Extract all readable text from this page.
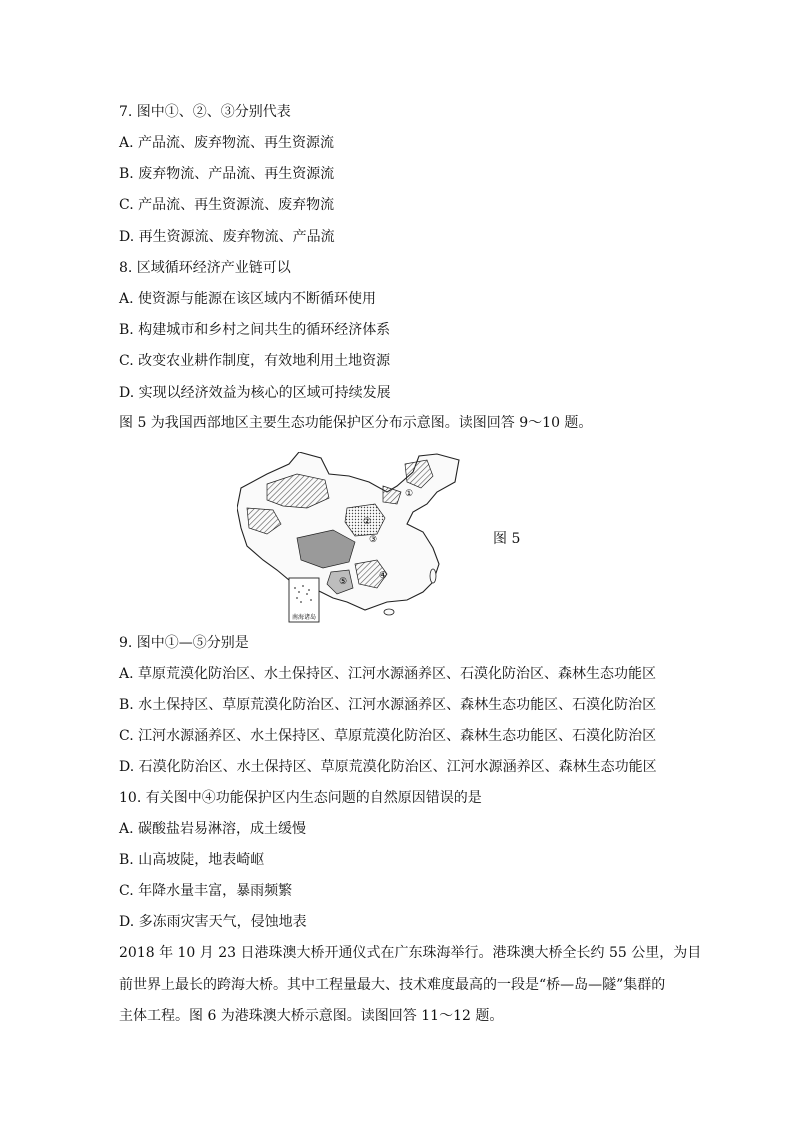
7. 图中①、②、③分别代表
A. 产品流、废弃物流、再生资源流
B. 废弃物流、产品流、再生资源流
C. 产品流、再生资源流、废弃物流
D. 再生资源流、废弃物流、产品流
8. 区域循环经济产业链可以
A. 使资源与能源在该区域内不断循环使用
B. 构建城市和乡村之间共生的循环经济体系
C. 改变农业耕作制度，有效地利用土地资源
D. 实现以经济效益为核心的区域可持续发展
图 5 为我国西部地区主要生态功能保护区分布示意图。读图回答 9～10 题。
①
②
③
④
⑤
南海诸岛
图 5
9. 图中①—⑤分别是
A. 草原荒漠化防治区、水土保持区、江河水源涵养区、石漠化防治区、森林生态功能区
B. 水土保持区、草原荒漠化防治区、江河水源涵养区、森林生态功能区、石漠化防治区
C. 江河水源涵养区、水土保持区、草原荒漠化防治区、森林生态功能区、石漠化防治区
D. 石漠化防治区、水土保持区、草原荒漠化防治区、江河水源涵养区、森林生态功能区
10. 有关图中④功能保护区内生态问题的自然原因错误的是
A. 碳酸盐岩易淋溶，成土缓慢
B. 山高坡陡，地表崎岖
C. 年降水量丰富，暴雨频繁
D. 多冻雨灾害天气，侵蚀地表
2018 年 10 月 23 日港珠澳大桥开通仪式在广东珠海举行。港珠澳大桥全长约 55 公里，为目
前世界上最长的跨海大桥。其中工程量最大、技术难度最高的一段是“桥—岛—隧”集群的
主体工程。图 6 为港珠澳大桥示意图。读图回答 11～12 题。
